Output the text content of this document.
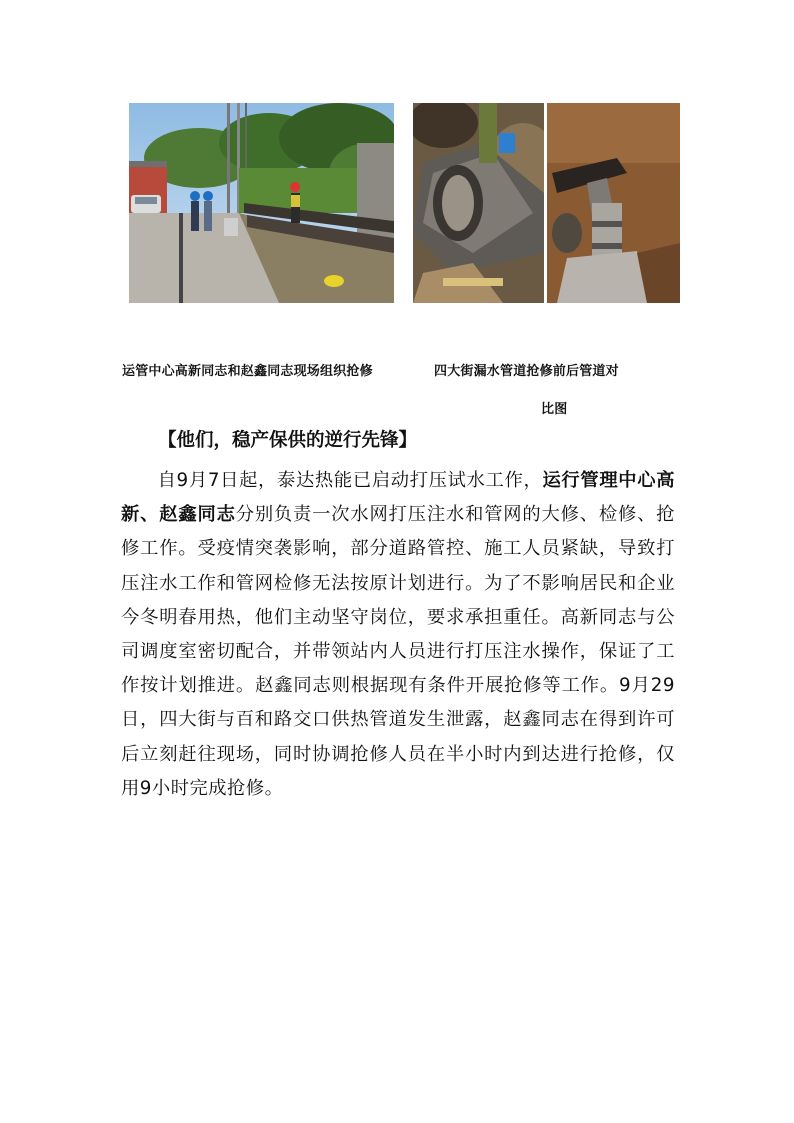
运管中心高新同志和赵鑫同志现场组织抢修	四大街漏水管道抢修前后管道对
比图
【他们，稳产保供的逆行先锋】

自9月7日起，泰达热能已启动打压试水工作，运行管理中心高新、赵鑫同志分别负责一次水网打压注水和管网的大修、检修、抢修工作。受疫情突袭影响，部分道路管控、施工人员紧缺，导致打压注水工作和管网检修无法按原计划进行。为了不影响居民和企业今冬明春用热，他们主动坚守岗位，要求承担重任。高新同志与公司调度室密切配合，并带领站内人员进行打压注水操作，保证了工作按计划推进。赵鑫同志则根据现有条件开展抢修等工作。9月29日，四大街与百和路交口供热管道发生泄露，赵鑫同志在得到许可后立刻赶往现场，同时协调抢修人员在半小时内到达进行抢修，仅用9小时完成抢修。
